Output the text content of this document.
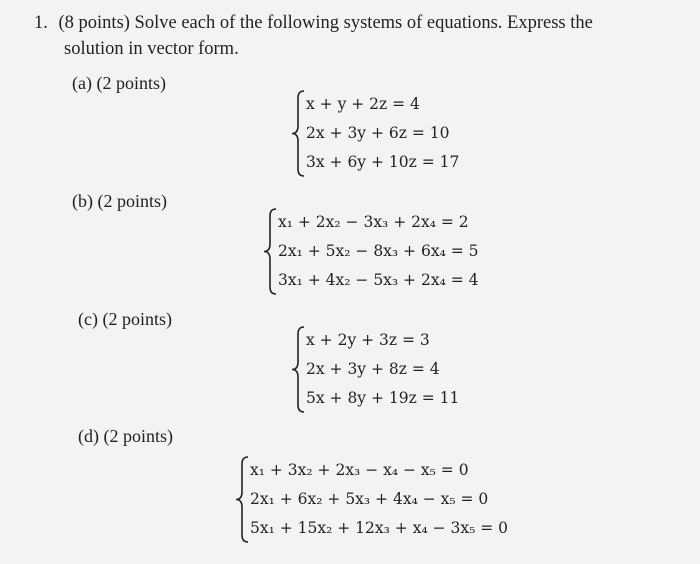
1. (8 points) Solve each of the following systems of equations. Express the
solution in vector form.
(a) (2 points)
x + y + 2z = 4
2x + 3y + 6z = 10
3x + 6y + 10z = 17
(b) (2 points)
x₁ + 2x₂ − 3x₃ + 2x₄ = 2
2x₁ + 5x₂ − 8x₃ + 6x₄ = 5
3x₁ + 4x₂ − 5x₃ + 2x₄ = 4
(c) (2 points)
x + 2y + 3z = 3
2x + 3y + 8z = 4
5x + 8y + 19z = 11
(d) (2 points)
x₁ + 3x₂ + 2x₃ − x₄ − x₅ = 0
2x₁ + 6x₂ + 5x₃ + 4x₄ − x₅ = 0
5x₁ + 15x₂ + 12x₃ + x₄ − 3x₅ = 0
